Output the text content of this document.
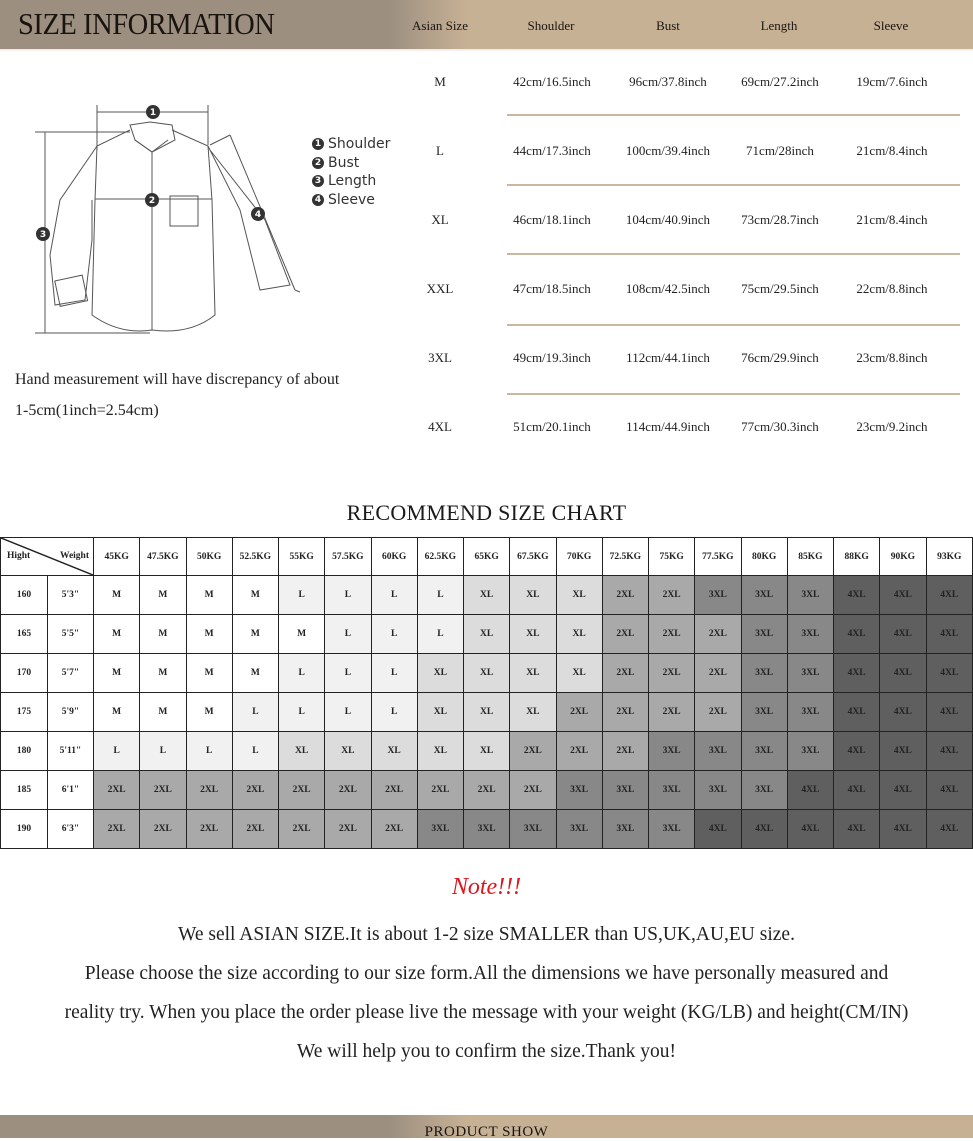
SIZE INFORMATION	Asian Size	Shoulder	Bust	Length	Sleeve
1
2
3
4
1 Shoulder
2 Bust
3 Length
4 Sleeve
Hand measurement will have discrepancy of about
1-5cm(1inch=2.54cm)
RECOMMEND SIZE CHART
Hight Weight		45KG	47.5KG	50KG	52.5KG	55KG	57.5KG	60KG	62.5KG	65KG	67.5KG	70KG	72.5KG	75KG	77.5KG	80KG	85KG	88KG	90KG	93KG
160	5'3"	M	M	M	M	L	L	L	L	XL	XL	XL	2XL	2XL	3XL	3XL	3XL	4XL	4XL	4XL
165	5'5"	M	M	M	M	M	L	L	L	XL	XL	XL	2XL	2XL	2XL	3XL	3XL	4XL	4XL	4XL
170	5'7"	M	M	M	M	L	L	L	XL	XL	XL	XL	2XL	2XL	2XL	3XL	3XL	4XL	4XL	4XL
175	5'9"	M	M	M	L	L	L	L	XL	XL	XL	2XL	2XL	2XL	2XL	3XL	3XL	4XL	4XL	4XL
180	5'11"	L	L	L	L	XL	XL	XL	XL	XL	2XL	2XL	2XL	3XL	3XL	3XL	3XL	4XL	4XL	4XL
185	6'1"	2XL	2XL	2XL	2XL	2XL	2XL	2XL	2XL	2XL	2XL	3XL	3XL	3XL	3XL	3XL	4XL	4XL	4XL	4XL
190	6'3"	2XL	2XL	2XL	2XL	2XL	2XL	2XL	3XL	3XL	3XL	3XL	3XL	3XL	4XL	4XL	4XL	4XL	4XL	4XL
Note!!!
We sell ASIAN SIZE.It is about 1-2 size SMALLER than US,UK,AU,EU size.
Please choose the size according to our size form.All the dimensions we have personally measured and
reality try. When you place the order please live the message with your weight (KG/LB) and height(CM/IN)
We will help you to confirm the size.Thank you!
PRODUCT SHOW
M	42cm/16.5inch	96cm/37.8inch	69cm/27.2inch	19cm/7.6inch
L	44cm/17.3inch	100cm/39.4inch	71cm/28inch	21cm/8.4inch
XL	46cm/18.1inch	104cm/40.9inch	73cm/28.7inch	21cm/8.4inch
XXL	47cm/18.5inch	108cm/42.5inch	75cm/29.5inch	22cm/8.8inch
3XL	49cm/19.3inch	112cm/44.1inch	76cm/29.9inch	23cm/8.8inch
4XL	51cm/20.1inch	114cm/44.9inch	77cm/30.3inch	23cm/9.2inch
